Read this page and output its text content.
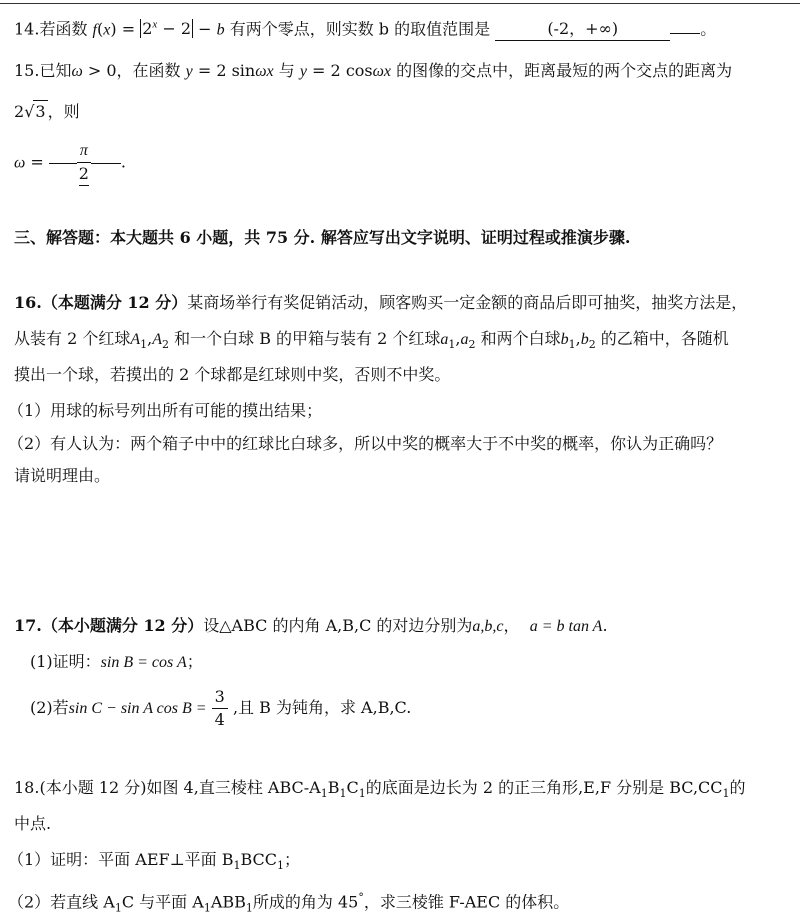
14.若函数 $f(x) = 2^x - 2 - b$ 有两个零点，则实数 b 的取值范围是	(-2，+∞)	。
15.已知ω > 0，在函数 y = 2 sinωx 与 y = 2 cosωx 的图像的交点中，距离最短的两个交点的距离为
2√3 ，则
$\omega = \frac{\pi}{2}$ .
三、解答题：本大题共 6 小题，共 75 分. 解答应写出文字说明、证明过程或推演步骤.
16.（本题满分 12 分）某商场举行有奖促销活动，顾客购买一定金额的商品后即可抽奖，抽奖方法是，
从装有 2 个红球$A_1,A_2$ 和一个白球 B 的甲箱与装有 2 个红球$a_1,a_2$ 和两个白球$b_1,b_2$ 的乙箱中，各随机
摸出一个球，若摸出的 2 个球都是红球则中奖，否则不中奖。
（1）用球的标号列出所有可能的摸出结果；
（2）有人认为：两个箱子中中的红球比白球多，所以中奖的概率大于不中奖的概率，你认为正确吗？
请说明理由。
17.（本小题满分 12 分）设△ABC 的内角 A,B,C 的对边分别为a,b,c， a = b tan A.
(1)证明：sin B = cos A；
(2)若sin C − sin A $\cos B = \frac{3}{4}$ ,且 B 为钝角，求 A,B,C.
18.(本小题 12 分)如图 4,直三棱柱 ABC-$A_1B_1C_1$的底面是边长为 2 的正三角形,E,F 分别是 $BC,CC_1$的
中点.
（1）证明：平面 AEF⊥平面 $B_1BCC_1$；
（2）若直线 $A_1C$ 与平面 $A_1ABB_1$所成的角为 45°，求三棱锥 F-AEC 的体积。
